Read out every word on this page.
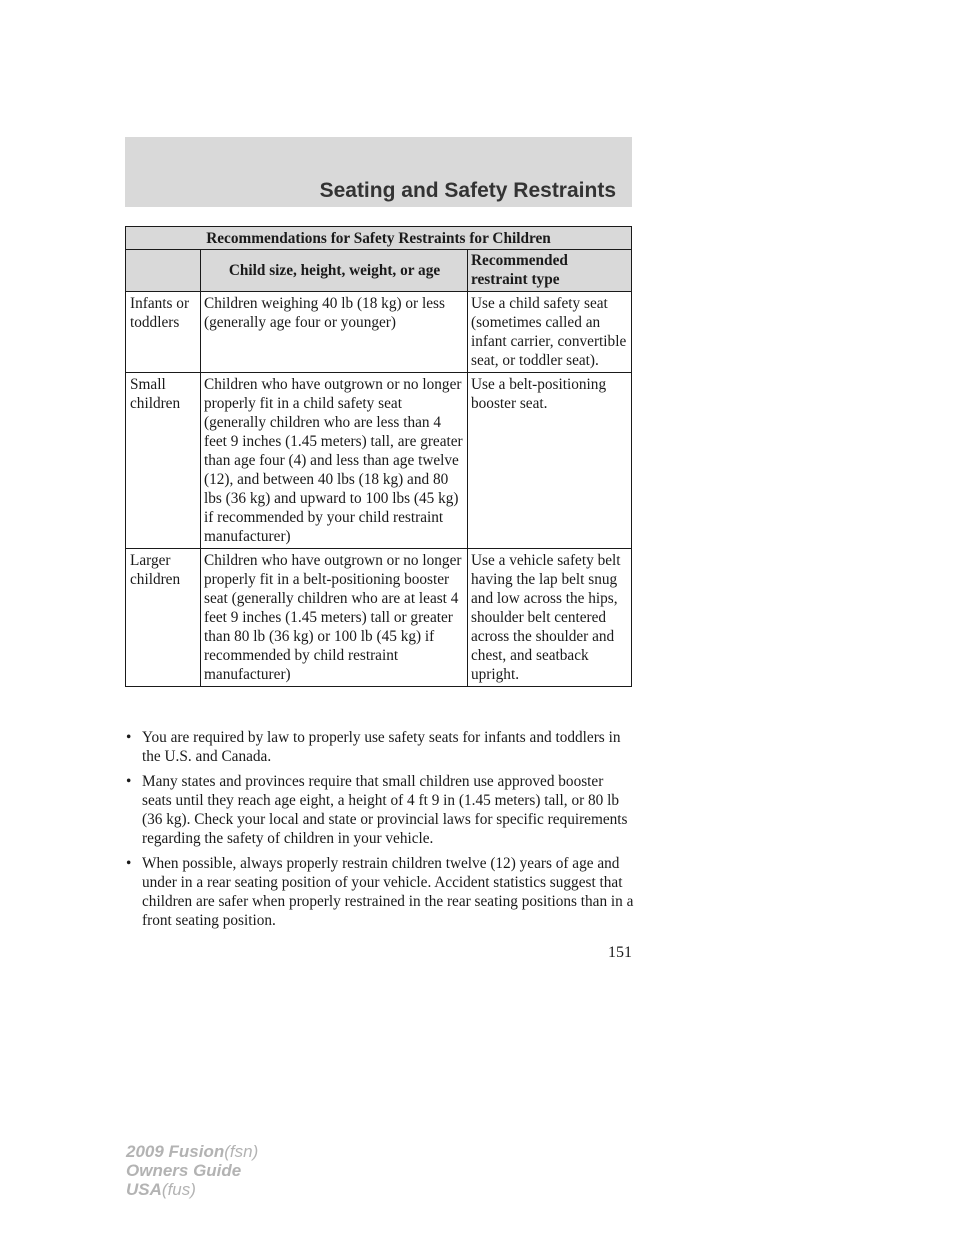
Seating and Safety Restraints
Recommendations for Safety Restraints for Children		
	Child size, height, weight, or age	Recommended restraint type
Infants or toddlers	Children weighing 40 lb (18 kg) or less (generally age four or younger)	Use a child safety seat (sometimes called an infant carrier, convertible seat, or toddler seat).
Small children	Children who have outgrown or no longer properly fit in a child safety seat (generally children who are less than 4 feet 9 inches (1.45 meters) tall, are greater than age four (4) and less than age twelve (12), and between 40 lbs (18 kg) and 80 lbs (36 kg) and upward to 100 lbs (45 kg) if recommended by your child restraint manufacturer)	Use a belt-positioning booster seat.
Larger children	Children who have outgrown or no longer properly fit in a belt-positioning booster seat (generally children who are at least 4 feet 9 inches (1.45 meters) tall or greater than 80 lb (36 kg) or 100 lb (45 kg) if recommended by child restraint manufacturer)	Use a vehicle safety belt having the lap belt snug and low across the hips, shoulder belt centered across the shoulder and chest, and seatback upright.
• You are required by law to properly use safety seats for infants and toddlers in the U.S. and Canada.
• Many states and provinces require that small children use approved booster seats until they reach age eight, a height of 4 ft 9 in (1.45 meters) tall, or 80 lb (36 kg). Check your local and state or provincial laws for specific requirements regarding the safety of children in your vehicle.
• When possible, always properly restrain children twelve (12) years of age and under in a rear seating position of your vehicle. Accident statistics suggest that children are safer when properly restrained in the rear seating positions than in a front seating position.
151
2009 Fusion(fsn)
Owners Guide
USA(fus)
